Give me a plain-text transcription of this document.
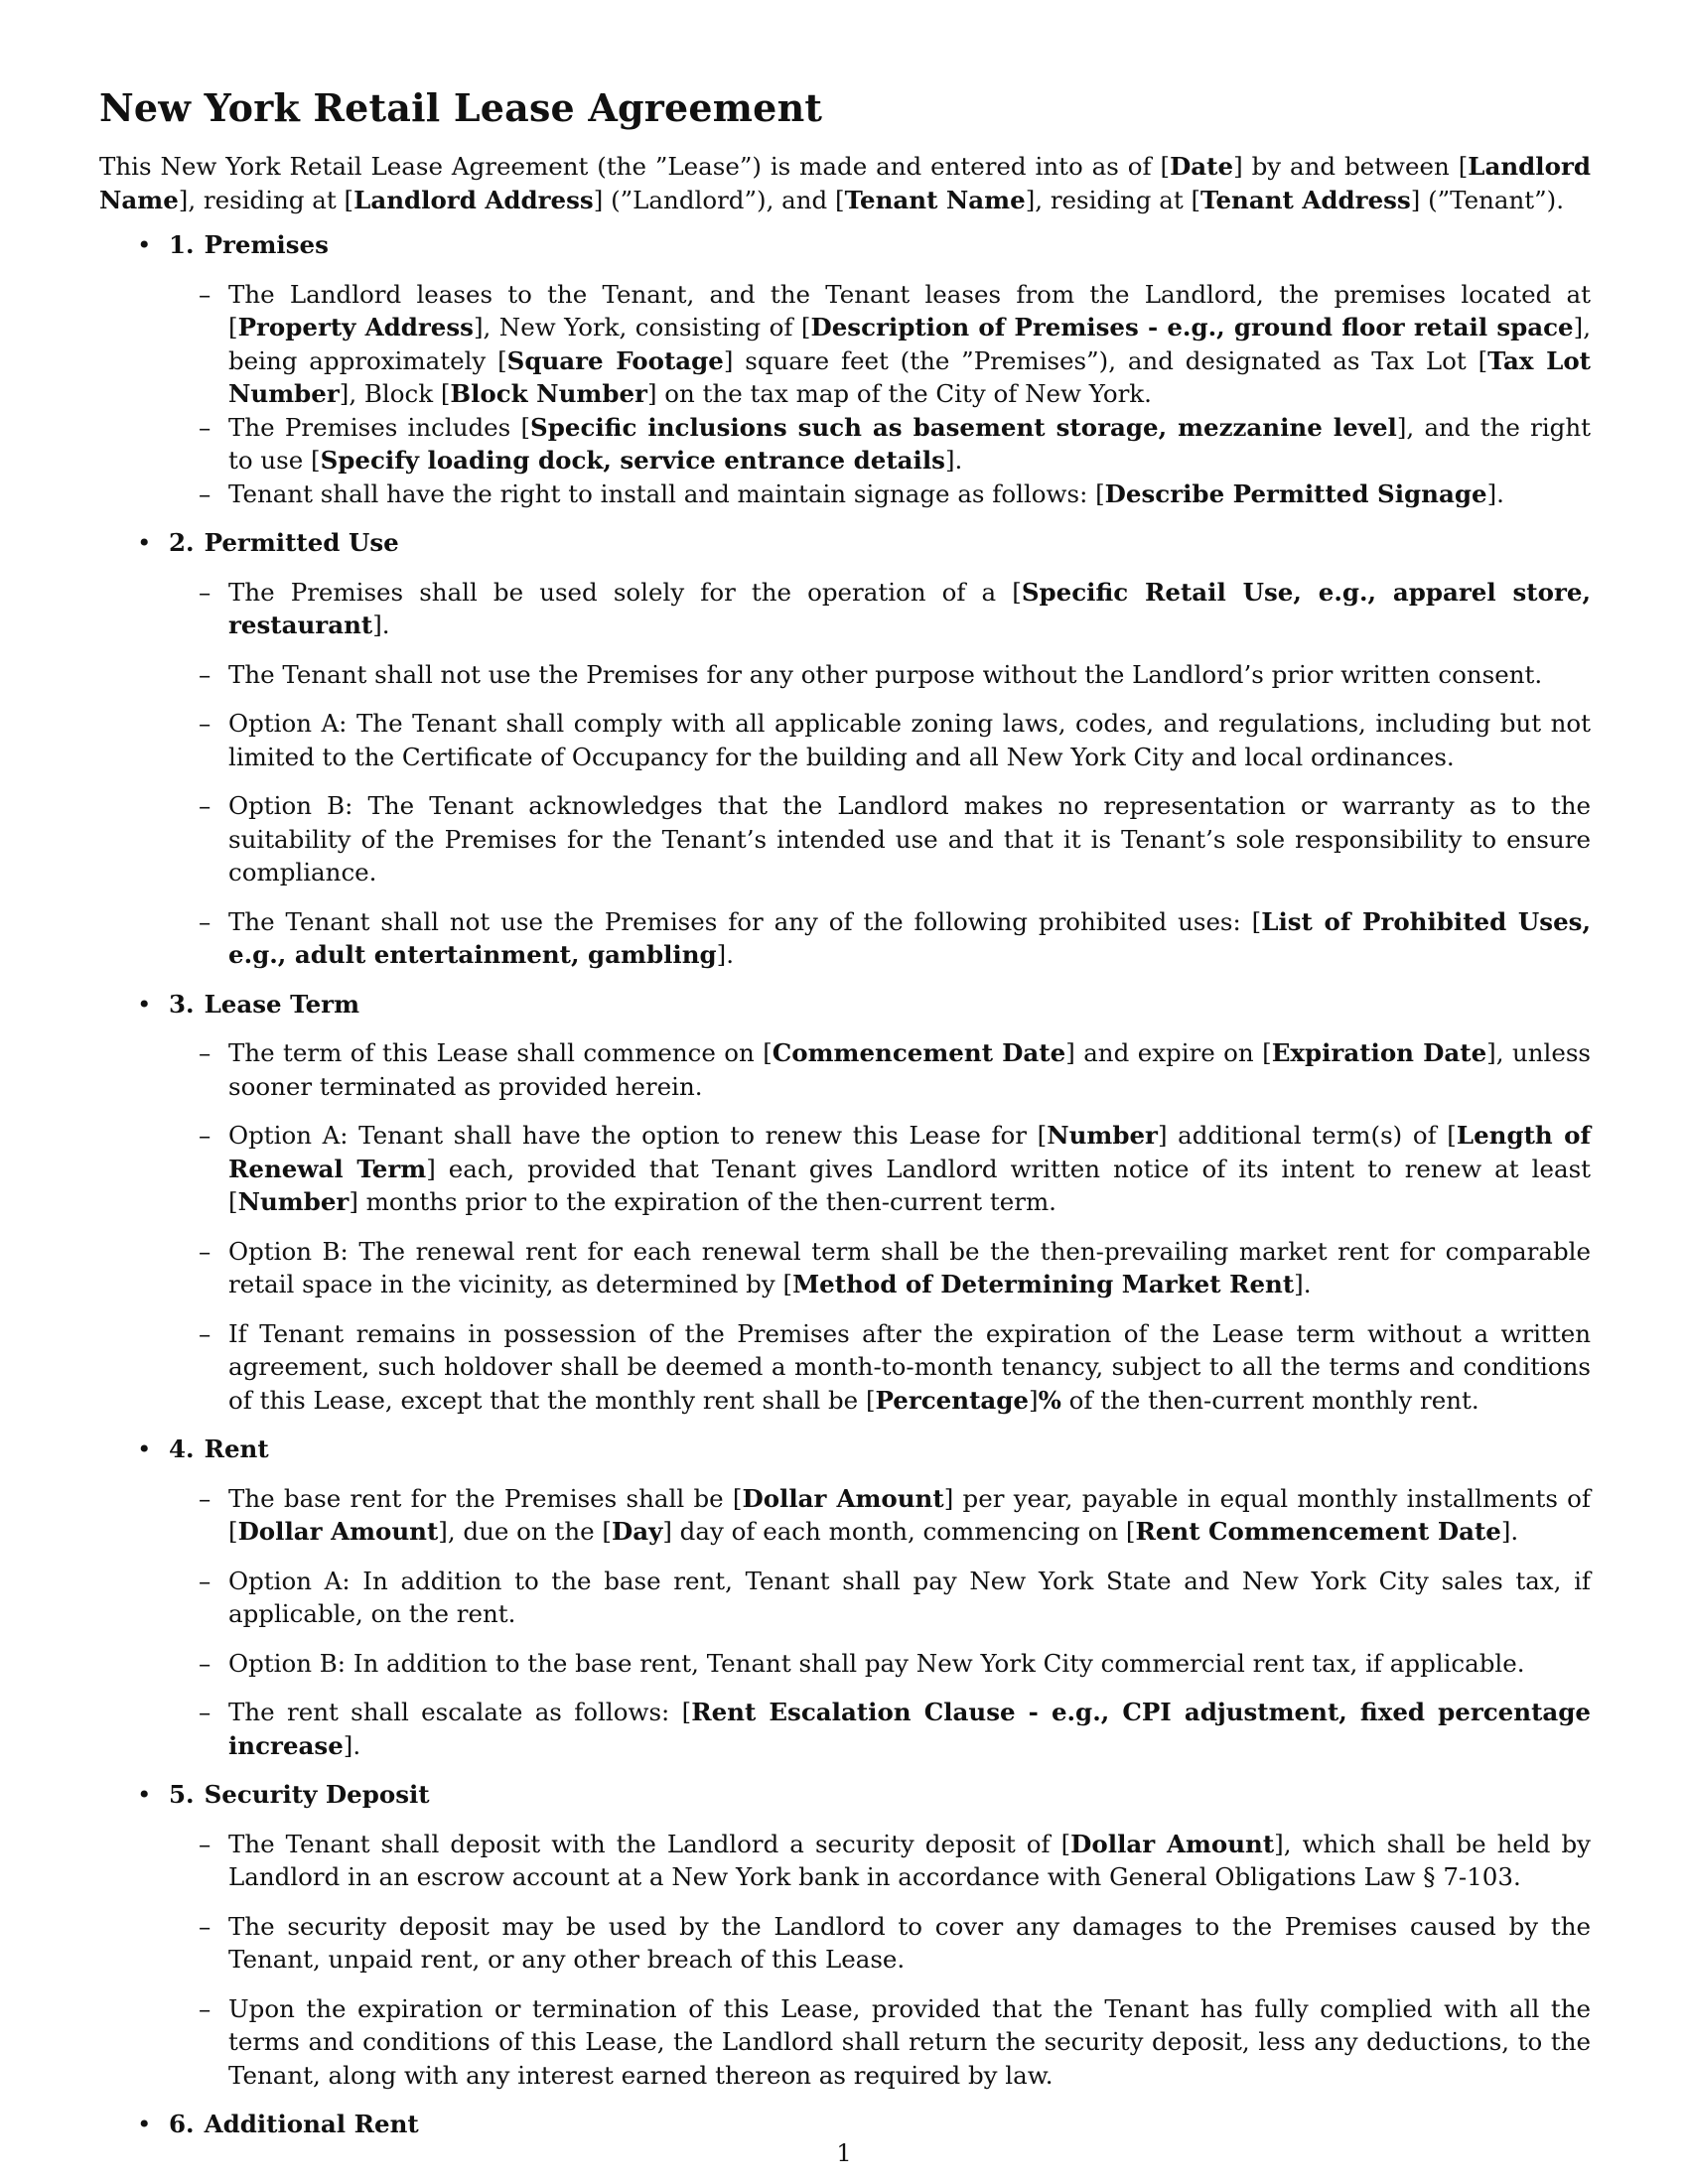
New York Retail Lease Agreement

This New York Retail Lease Agreement (the ”Lease”) is made and entered into as of [Date] by and between [Landlord Name], residing at [Landlord Address] (”Landlord”), and [Tenant Name], residing at [Tenant Address] (”Tenant”).

• 1. Premises
– The Landlord leases to the Tenant, and the Tenant leases from the Landlord, the premises located at [Property Address], New York, consisting of [Description of Premises - e.g., ground floor retail space], being approximately [Square Footage] square feet (the ”Premises”), and designated as Tax Lot [Tax Lot Number], Block [Block Number] on the tax map of the City of New York.
– The Premises includes [Specific inclusions such as basement storage, mezzanine level], and the right to use [Specify loading dock, service entrance details].
– Tenant shall have the right to install and maintain signage as follows: [Describe Permitted Signage].
• 2. Permitted Use
– The Premises shall be used solely for the operation of a [Specific Retail Use, e.g., apparel store, restaurant].
– The Tenant shall not use the Premises for any other purpose without the Landlord’s prior written consent.
– Option A: The Tenant shall comply with all applicable zoning laws, codes, and regulations, including but not limited to the Certificate of Occupancy for the building and all New York City and local ordinances.
– Option B: The Tenant acknowledges that the Landlord makes no representation or warranty as to the suitability of the Premises for the Tenant’s intended use and that it is Tenant’s sole responsibility to ensure compliance.
– The Tenant shall not use the Premises for any of the following prohibited uses: [List of Prohibited Uses, e.g., adult entertainment, gambling].
• 3. Lease Term
– The term of this Lease shall commence on [Commencement Date] and expire on [Expiration Date], unless sooner terminated as provided herein.
– Option A: Tenant shall have the option to renew this Lease for [Number] additional term(s) of [Length of Renewal Term] each, provided that Tenant gives Landlord written notice of its intent to renew at least [Number] months prior to the expiration of the then-current term.
– Option B: The renewal rent for each renewal term shall be the then-prevailing market rent for comparable retail space in the vicinity, as determined by [Method of Determining Market Rent].
– If Tenant remains in possession of the Premises after the expiration of the Lease term without a written agreement, such holdover shall be deemed a month-to-month tenancy, subject to all the terms and conditions of this Lease, except that the monthly rent shall be [Percentage]% of the then-current monthly rent.
• 4. Rent
– The base rent for the Premises shall be [Dollar Amount] per year, payable in equal monthly installments of [Dollar Amount], due on the [Day] day of each month, commencing on [Rent Commencement Date].
– Option A: In addition to the base rent, Tenant shall pay New York State and New York City sales tax, if applicable, on the rent.
– Option B: In addition to the base rent, Tenant shall pay New York City commercial rent tax, if applicable.
– The rent shall escalate as follows: [Rent Escalation Clause - e.g., CPI adjustment, fixed percentage increase].
• 5. Security Deposit
– The Tenant shall deposit with the Landlord a security deposit of [Dollar Amount], which shall be held by Landlord in an escrow account at a New York bank in accordance with General Obligations Law § 7-103.
– The security deposit may be used by the Landlord to cover any damages to the Premises caused by the Tenant, unpaid rent, or any other breach of this Lease.
– Upon the expiration or termination of this Lease, provided that the Tenant has fully complied with all the terms and conditions of this Lease, the Landlord shall return the security deposit, less any deductions, to the Tenant, along with any interest earned thereon as required by law.
• 6. Additional Rent
1
